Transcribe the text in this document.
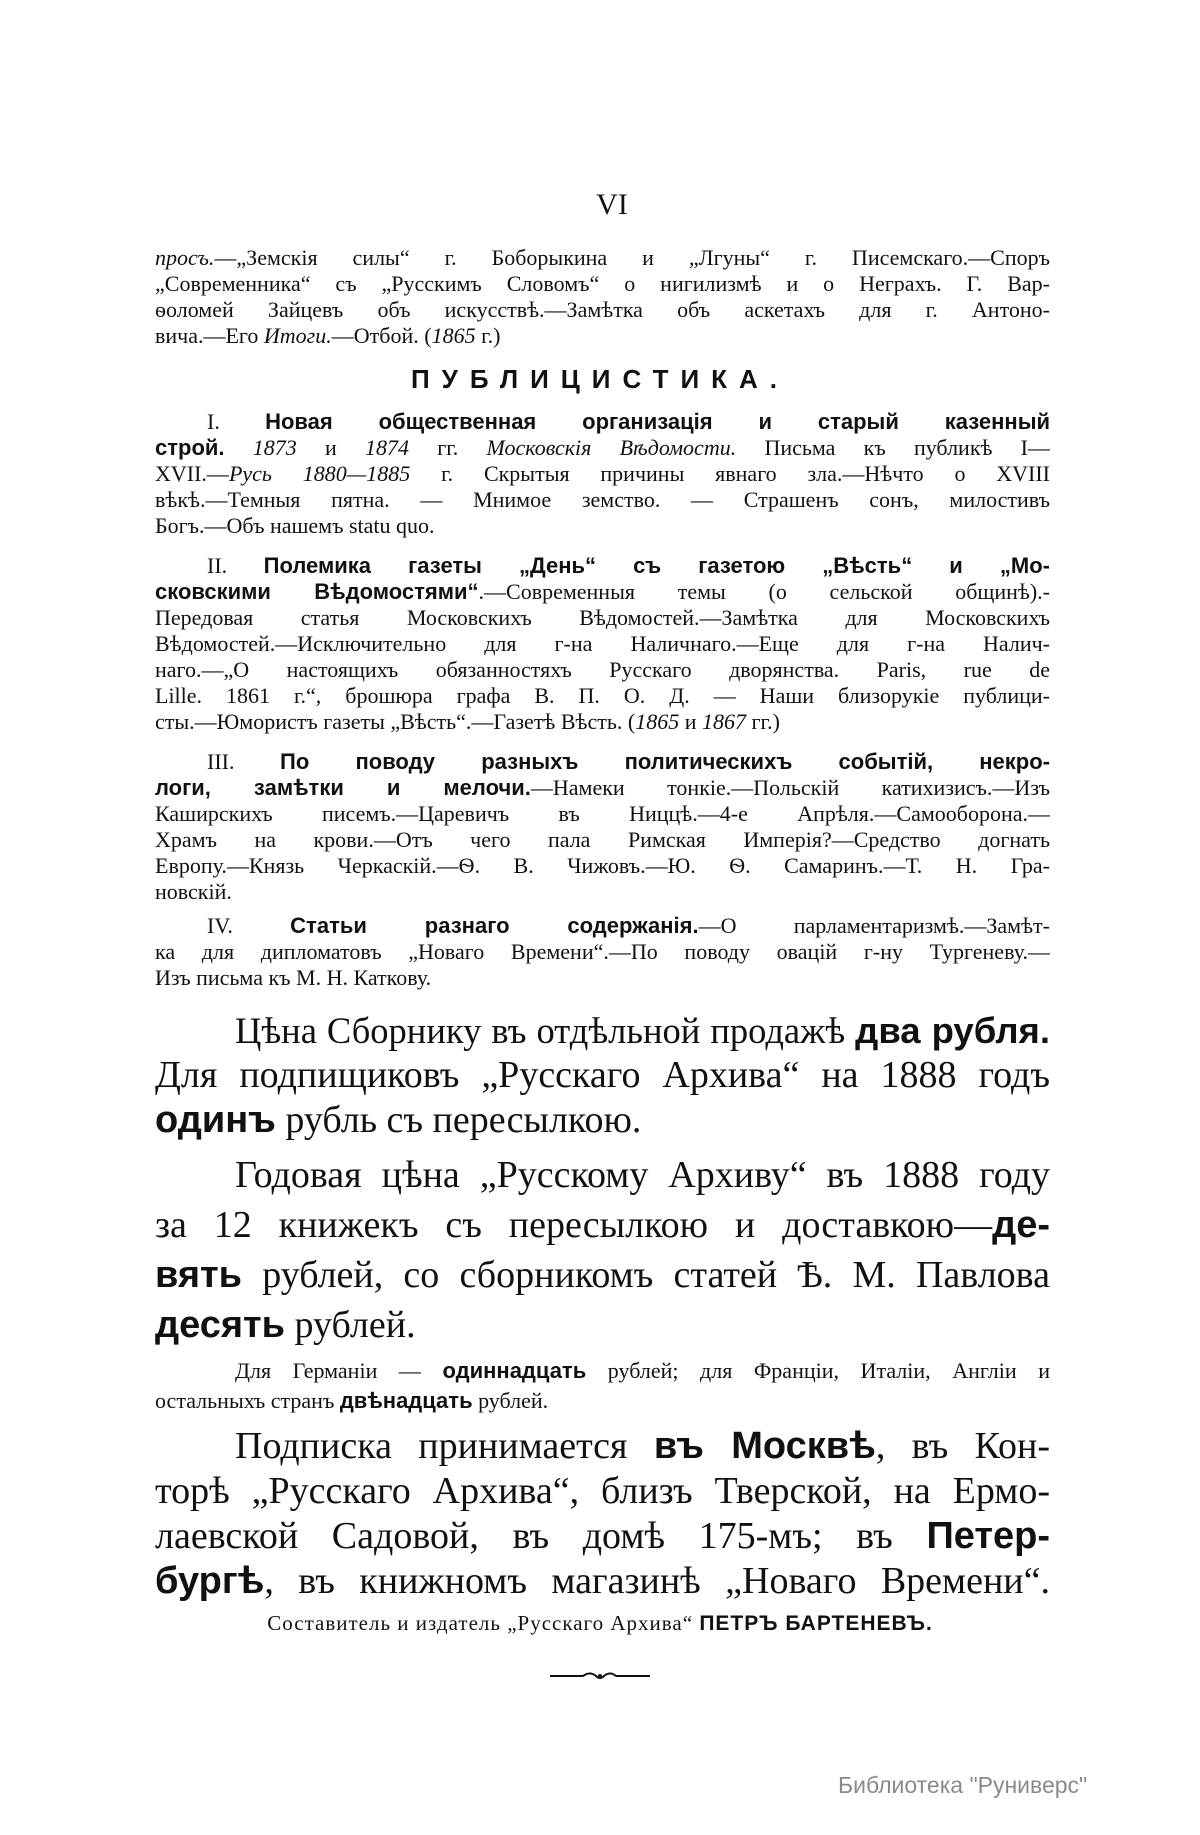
VI
просъ.—„Земскія силы“ г. Боборыкина и „Лгуны“ г. Писемскаго.—Споръ
„Современника“ съ „Русскимъ Словомъ“ о нигилизмѣ и о Неграхъ. Г. Вар-
ѳоломей Зайцевъ объ искусствѣ.—Замѣтка объ аскетахъ для г. Антоно-
вича.—Его Итоги.—Отбой. (1865 г.)
ПУБЛИЦИСТИКА.
I. Новая общественная организація и старый казенный
строй. 1873 и 1874 гг. Московскія Вѣдомости. Письма къ публикѣ I—
XVII.—Русь 1880—1885 г. Скрытыя причины явнаго зла.—Нѣчто о XVIII
вѣкѣ.—Темныя пятна. — Мнимое земство. — Страшенъ сонъ, милостивъ
Богъ.—Объ нашемъ statu quo.
II. Полемика газеты „День“ съ газетою „Вѣсть“ и „Мо-
сковскими Вѣдомостями“.—Современныя темы (о сельской общинѣ).-
Передовая статья Московскихъ Вѣдомостей.—Замѣтка для Московскихъ
Вѣдомостей.—Исключительно для г-на Наличнаго.—Еще для г-на Налич-
наго.—„О настоящихъ обязанностяхъ Русскаго дворянства. Paris, rue de
Lille. 1861 г.“, брошюра графа В. П. О. Д. — Наши близорукіе публици-
сты.—Юмористъ газеты „Вѣсть“.—Газетѣ Вѣсть. (1865 и 1867 гг.)
III. По поводу разныхъ политическихъ событій, некро-
логи, замѣтки и мелочи.—Намеки тонкіе.—Польскій катихизисъ.—Изъ
Каширскихъ писемъ.—Царевичъ въ Ниццѣ.—4-е Апрѣля.—Самооборона.—
Храмъ на крови.—Отъ чего пала Римская Имперія?—Средство догнать
Европу.—Князь Черкаскій.—Ѳ. В. Чижовъ.—Ю. Ѳ. Самаринъ.—Т. Н. Гра-
новскій.
IV. Статьи разнаго содержанія.—О парламентаризмѣ.—Замѣт-
ка для дипломатовъ „Новаго Времени“.—По поводу овацій г-ну Тургеневу.—
Изъ письма къ М. Н. Каткову.
Цѣна Сборнику въ отдѣльной продажѣ два рубля.
Для подпищиковъ „Русскаго Архива“ на 1888 годъ
одинъ рубль съ пересылкою.
Годовая цѣна „Русскому Архиву“ въ 1888 году
за 12 книжекъ съ пересылкою и доставкою—де-
вять рублей, со сборникомъ статей Ѣ. М. Павлова
десять рублей.
Для Германіи — одиннадцать рублей; для Франціи, Италіи, Англіи и
остальныхъ странъ двѣнадцать рублей.
Подписка принимается въ Москвѣ, въ Кон-
торѣ „Русскаго Архива“, близъ Тверской, на Ермо-
лаевской Садовой, въ домѣ 175-мъ; въ Петер-
бургѣ, въ книжномъ магазинѣ „Новаго Времени“.
Составитель и издатель „Русскаго Архива“ ПЕТРЪ БАРТЕНЕВЪ.
Библиотека "Руниверс"
